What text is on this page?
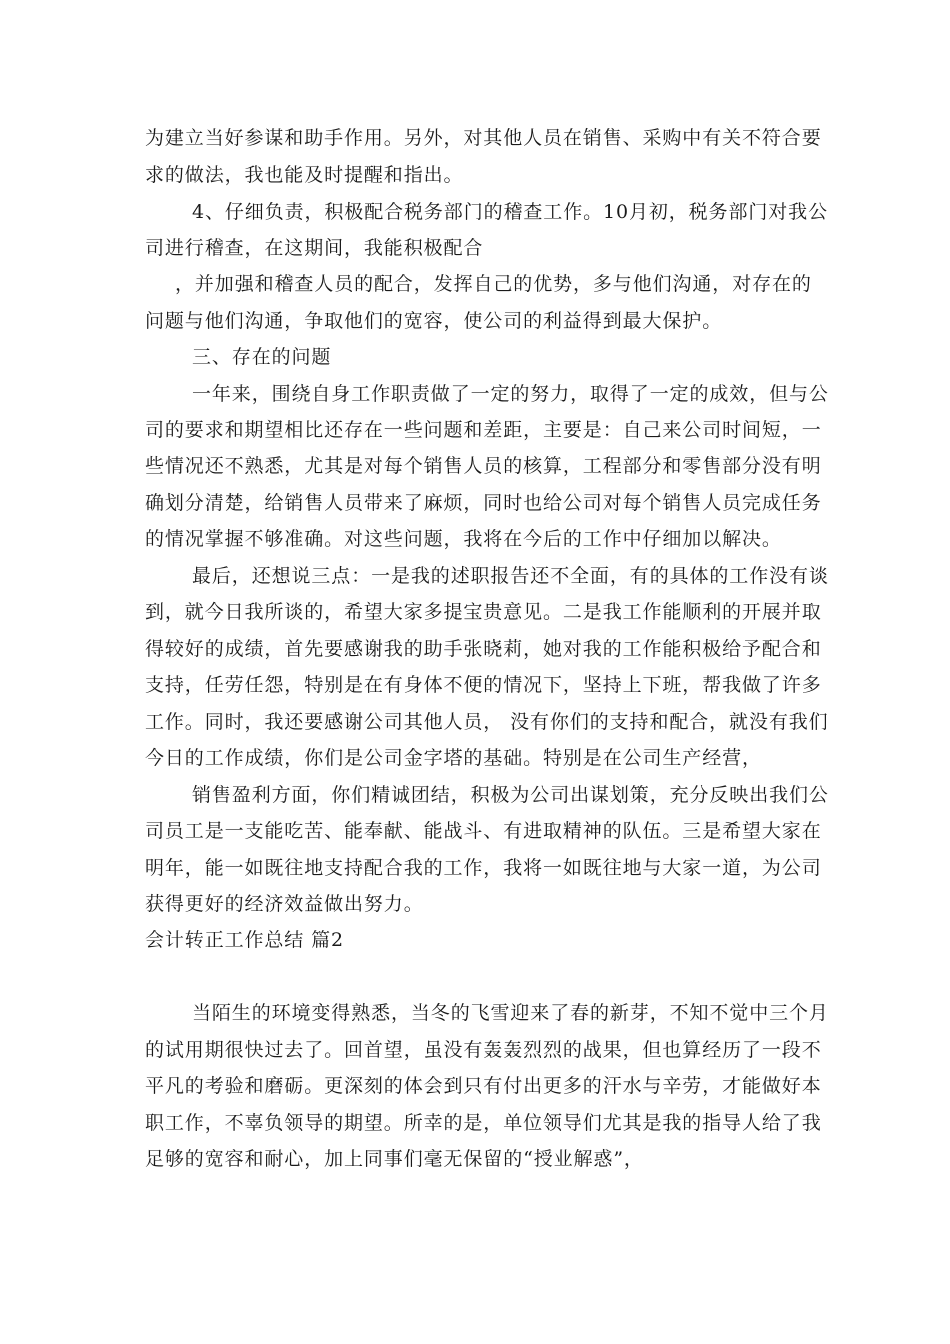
为建立当好参谋和助手作用。另外，对其他人员在销售、采购中有关不符合要
求的做法，我也能及时提醒和指出。
4、仔细负责，积极配合税务部门的稽查工作。10月初，税务部门对我公
司进行稽查，在这期间，我能积极配合
，并加强和稽查人员的配合，发挥自己的优势，多与他们沟通，对存在的
问题与他们沟通，争取他们的宽容，使公司的利益得到最大保护。
三、存在的问题
一年来，围绕自身工作职责做了一定的努力，取得了一定的成效，但与公
司的要求和期望相比还存在一些问题和差距，主要是：自己来公司时间短，一
些情况还不熟悉，尤其是对每个销售人员的核算，工程部分和零售部分没有明
确划分清楚，给销售人员带来了麻烦，同时也给公司对每个销售人员完成任务
的情况掌握不够准确。对这些问题，我将在今后的工作中仔细加以解决。
最后，还想说三点：一是我的述职报告还不全面，有的具体的工作没有谈
到，就今日我所谈的，希望大家多提宝贵意见。二是我工作能顺利的开展并取
得较好的成绩，首先要感谢我的助手张晓莉，她对我的工作能积极给予配合和
支持，任劳任怨，特别是在有身体不便的情况下，坚持上下班，帮我做了许多
工作。同时，我还要感谢公司其他人员， 没有你们的支持和配合，就没有我们
今日的工作成绩，你们是公司金字塔的基础。特别是在公司生产经营，
销售盈利方面，你们精诚团结，积极为公司出谋划策，充分反映出我们公
司员工是一支能吃苦、能奉献、能战斗、有进取精神的队伍。三是希望大家在
明年，能一如既往地支持配合我的工作，我将一如既往地与大家一道，为公司
获得更好的经济效益做出努力。
会计转正工作总结 篇2
当陌生的环境变得熟悉，当冬的飞雪迎来了春的新芽，不知不觉中三个月
的试用期很快过去了。回首望，虽没有轰轰烈烈的战果，但也算经历了一段不
平凡的考验和磨砺。更深刻的体会到只有付出更多的汗水与辛劳，才能做好本
职工作，不辜负领导的期望。所幸的是，单位领导们尤其是我的指导人给了我
足够的宽容和耐心，加上同事们毫无保留的“授业解惑”，
